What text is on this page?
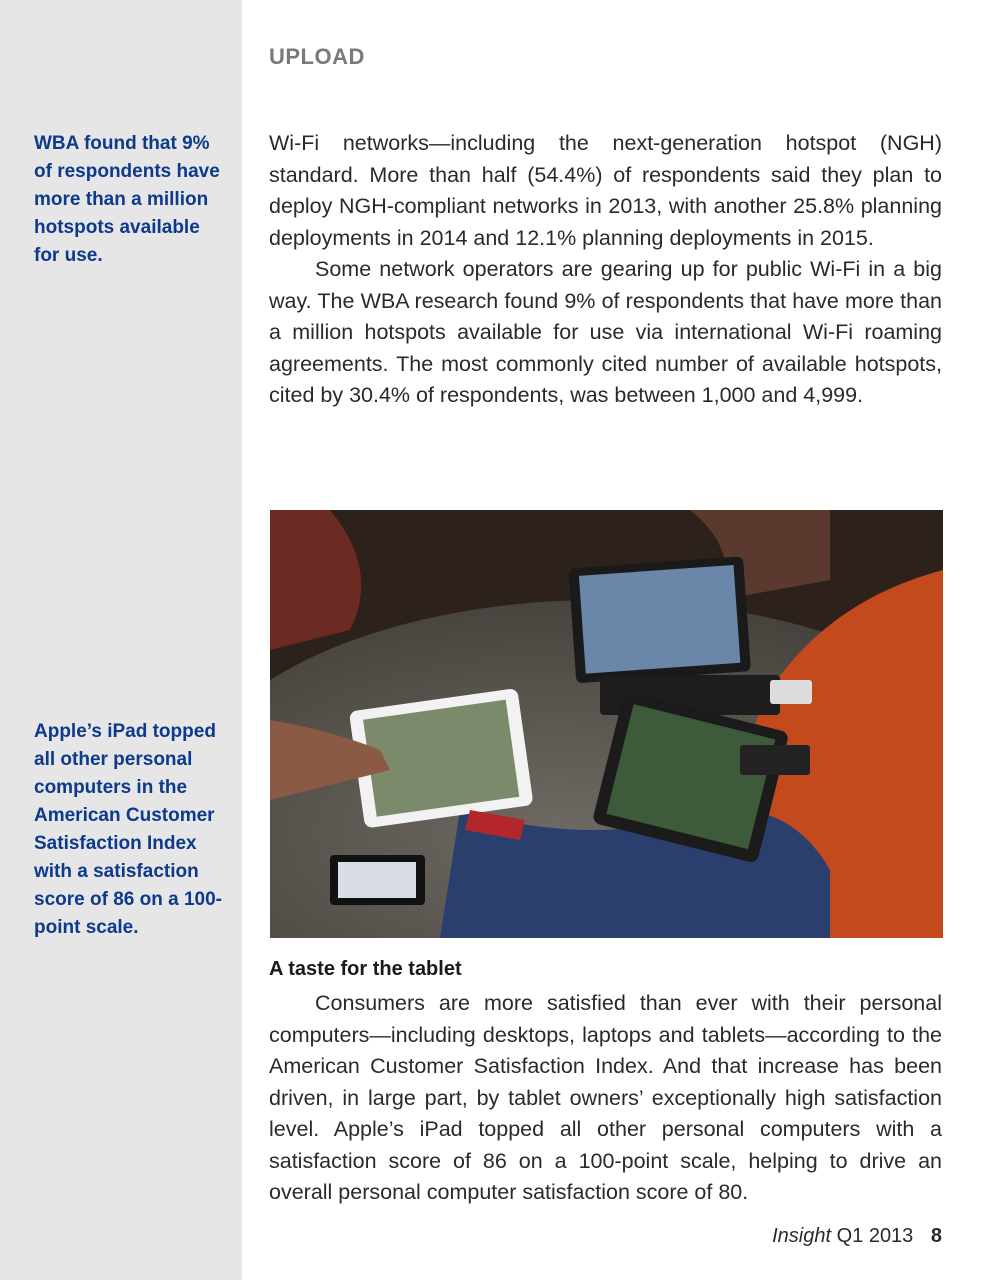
UPLOAD
WBA found that 9% of respondents have more than a million hotspots available for use.
Apple’s iPad topped all other personal computers in the American Customer Satisfaction Index with a satisfaction score of 86 on a 100-point scale.

Wi-Fi networks—including the next-generation hotspot (NGH) standard. More than half (54.4%) of respondents said they plan to deploy NGH-compliant networks in 2013, with another 25.8% planning deployments in 2014 and 12.1% planning deployments in 2015.

Some network operators are gearing up for public Wi-Fi in a big way. The WBA research found 9% of respondents that have more than a million hotspots available for use via international Wi-Fi roaming agreements. The most commonly cited number of available hotspots, cited by 30.4% of respondents, was between 1,000 and 4,999.

A taste for the tablet

Consumers are more satisfied than ever with their personal computers—including desktops, laptops and tablets—according to the American Customer Satisfaction Index. And that increase has been driven, in large part, by tablet owners’ exceptionally high satisfaction level. Apple’s iPad topped all other personal computers with a satisfaction score of 86 on a 100-point scale, helping to drive an overall personal computer satisfaction score of 80.

Insight Q1 2013 8
